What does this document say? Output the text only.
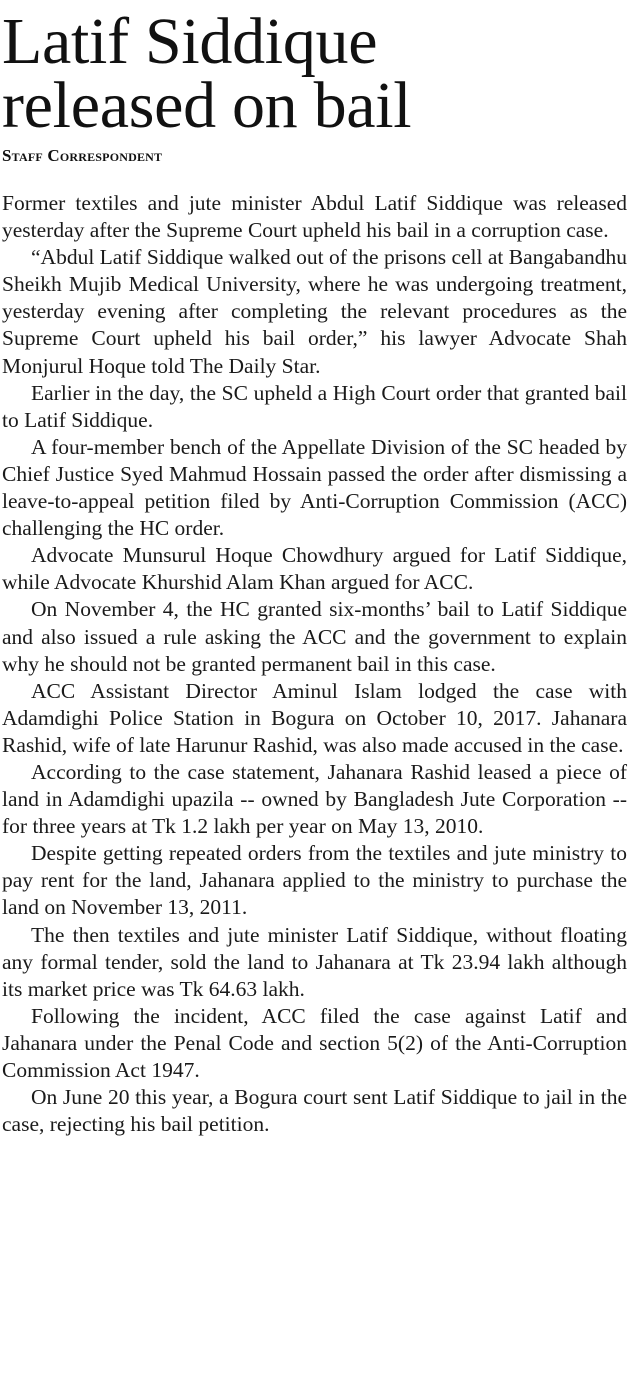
Latif Siddique
released on bail
Staff Correspondent

Former textiles and jute minister Abdul Latif Siddique was released yesterday after the Supreme Court upheld his bail in a corruption case.

“Abdul Latif Siddique walked out of the prisons cell at Bangabandhu Sheikh Mujib Medical University, where he was undergoing treatment, yesterday evening after completing the relevant procedures as the Supreme Court upheld his bail order,” his lawyer Advocate Shah Monjurul Hoque told The Daily Star.

Earlier in the day, the SC upheld a High Court order that granted bail to Latif Siddique.

A four-member bench of the Appellate Division of the SC headed by Chief Justice Syed Mahmud Hossain passed the order after dismissing a leave-to-appeal petition filed by Anti-Corruption Commission (ACC) challenging the HC order.

Advocate Munsurul Hoque Chowdhury argued for Latif Siddique, while Advocate Khurshid Alam Khan argued for ACC.

On November 4, the HC granted six-months’ bail to Latif Siddique and also issued a rule asking the ACC and the government to explain why he should not be granted permanent bail in this case.

ACC Assistant Director Aminul Islam lodged the case with Adamdighi Police Station in Bogura on October 10, 2017. Jahanara Rashid, wife of late Harunur Rashid, was also made accused in the case.

According to the case statement, Jahanara Rashid leased a piece of land in Adamdighi upazila -- owned by Bangladesh Jute Corporation -- for three years at Tk 1.2 lakh per year on May 13, 2010.

Despite getting repeated orders from the textiles and jute ministry to pay rent for the land, Jahanara applied to the ministry to purchase the land on November 13, 2011.

The then textiles and jute minister Latif Siddique, without floating any formal tender, sold the land to Jahanara at Tk 23.94 lakh although its market price was Tk 64.63 lakh.

Following the incident, ACC filed the case against Latif and Jahanara under the Penal Code and section 5(2) of the Anti-Corruption Commission Act 1947.

On June 20 this year, a Bogura court sent Latif Siddique to jail in the case, rejecting his bail petition.
